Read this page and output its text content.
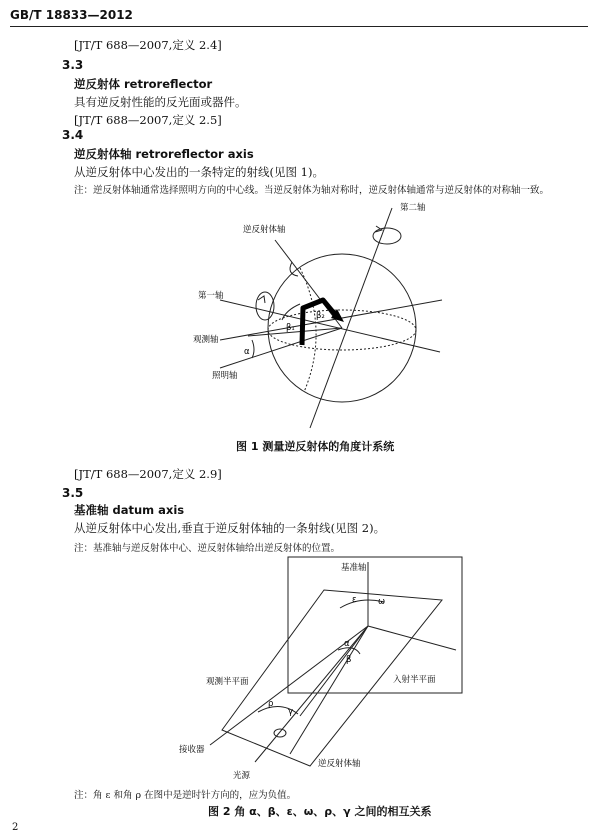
GB/T 18833—2012
[JT/T 688—2007,定义 2.4]
3.3
逆反射体 retroreflector
具有逆反射性能的反光面或器件。
[JT/T 688—2007,定义 2.5]
3.4
逆反射体轴 retroreflector axis
从逆反射体中心发出的一条特定的射线(见图 1)。
注：逆反射体轴通常选择照明方向的中心线。当逆反射体为轴对称时，逆反射体轴通常与逆反射体的对称轴一致。
第二轴
逆反射体轴
第一轴
观测轴
照明轴
α
β₁
β₂
图 1 测量逆反射体的角度计系统
[JT/T 688—2007,定义 2.9]
3.5
基准轴 datum axis
从逆反射体中心发出,垂直于逆反射体轴的一条射线(见图 2)。
注：基准轴与逆反射体中心、逆反射体轴给出逆反射体的位置。
基准轴
观测半平面	入射半平面
接收器
光源
逆反射体轴
ε	ω
α
β
ρ
γ
注：角 ε 和角 ρ 在图中是逆时针方向的，应为负值。
图 2 角 α、β、ε、ω、ρ、γ 之间的相互关系
2
